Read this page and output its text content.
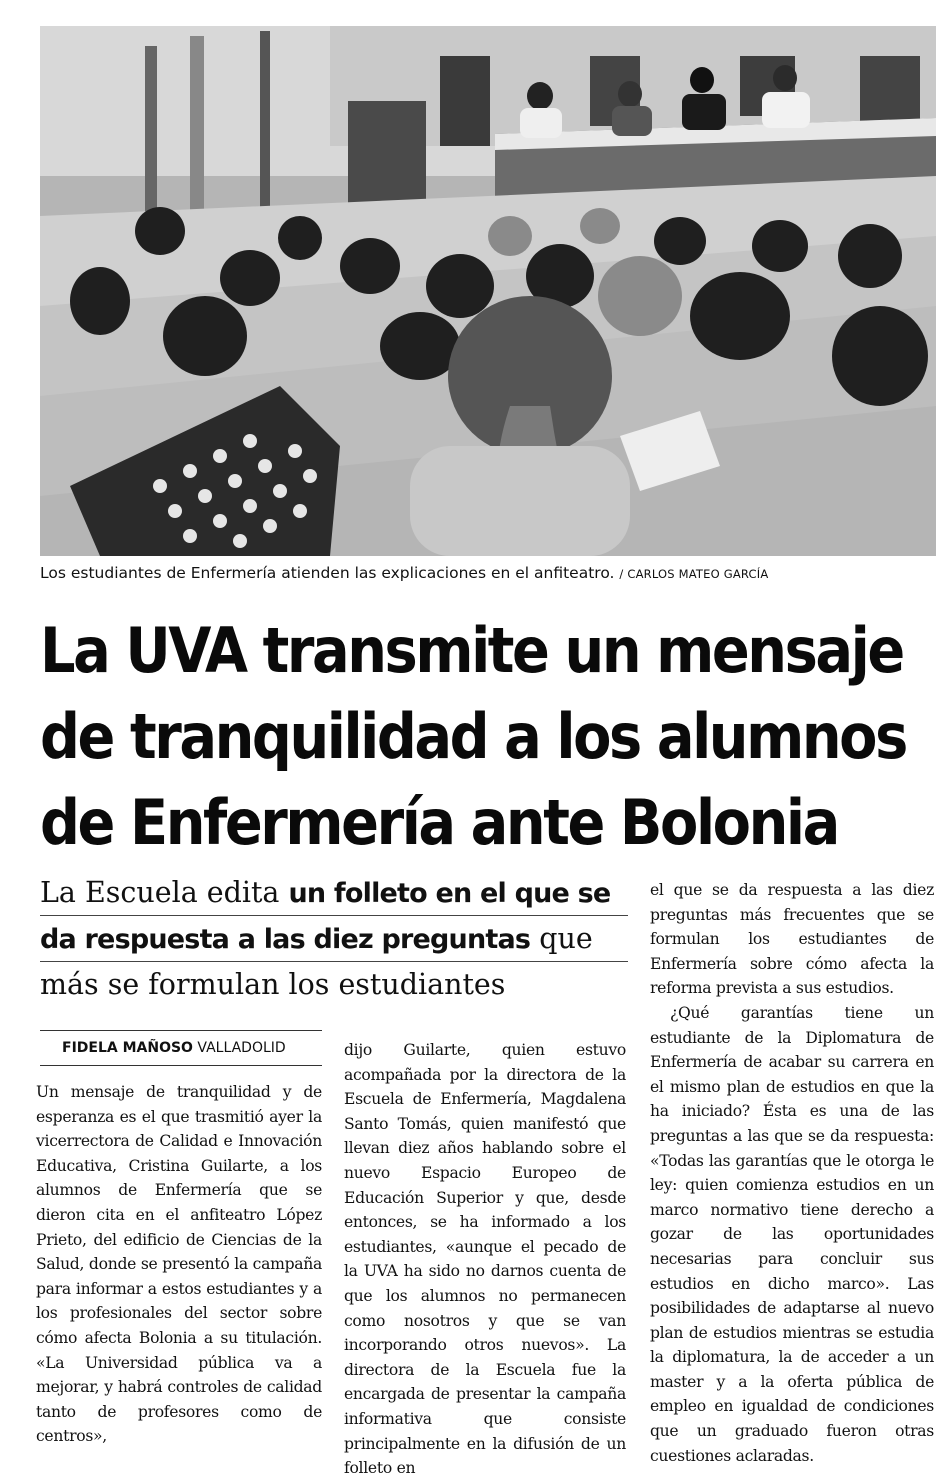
Los estudiantes de Enfermería atienden las explicaciones en el anfiteatro. / CARLOS MATEO GARCÍA
La UVA transmite un mensaje
de tranquilidad a los alumnos
de Enfermería ante Bolonia
La Escuela edita un folleto en el que se
da respuesta a las diez preguntas que
más se formulan los estudiantes
FIDELA MAÑOSO VALLADOLID

Un mensaje de tranquilidad y de esperanza es el que trasmitió ayer la vicerrectora de Calidad e Innovación Educativa, Cristina Guilarte, a los alumnos de Enfermería que se dieron cita en el anfiteatro López Prieto, del edificio de Ciencias de la Salud, donde se presentó la campaña para informar a estos estudiantes y a los profesionales del sector sobre cómo afecta Bolonia a su titulación. «La Universidad pública va a mejorar, y habrá controles de calidad tanto de profesores como de centros»,

dijo Guilarte, quien estuvo acompañada por la directora de la Escuela de Enfermería, Magdalena Santo Tomás, quien manifestó que llevan diez años hablando sobre el nuevo Espacio Europeo de Educación Superior y que, desde entonces, se ha informado a los estudiantes, «aunque el pecado de la UVA ha sido no darnos cuenta de que los alumnos no permanecen como nosotros y que se van incorporando otros nuevos». La directora de la Escuela fue la encargada de presentar la campaña informativa que consiste principalmente en la difusión de un folleto en

el que se da respuesta a las diez preguntas más frecuentes que se formulan los estudiantes de Enfermería sobre cómo afecta la reforma prevista a sus estudios.

¿Qué garantías tiene un estudiante de la Diplomatura de Enfermería de acabar su carrera en el mismo plan de estudios en que la ha iniciado? Ésta es una de las preguntas a las que se da respuesta: «Todas las garantías que le otorga le ley: quien comienza estudios en un marco normativo tiene derecho a gozar de las oportunidades necesarias para concluir sus estudios en dicho marco». Las posibilidades de adaptarse al nuevo plan de estudios mientras se estudia la diplomatura, la de acceder a un master y a la oferta pública de empleo en igualdad de condiciones que un graduado fueron otras cuestiones aclaradas.
